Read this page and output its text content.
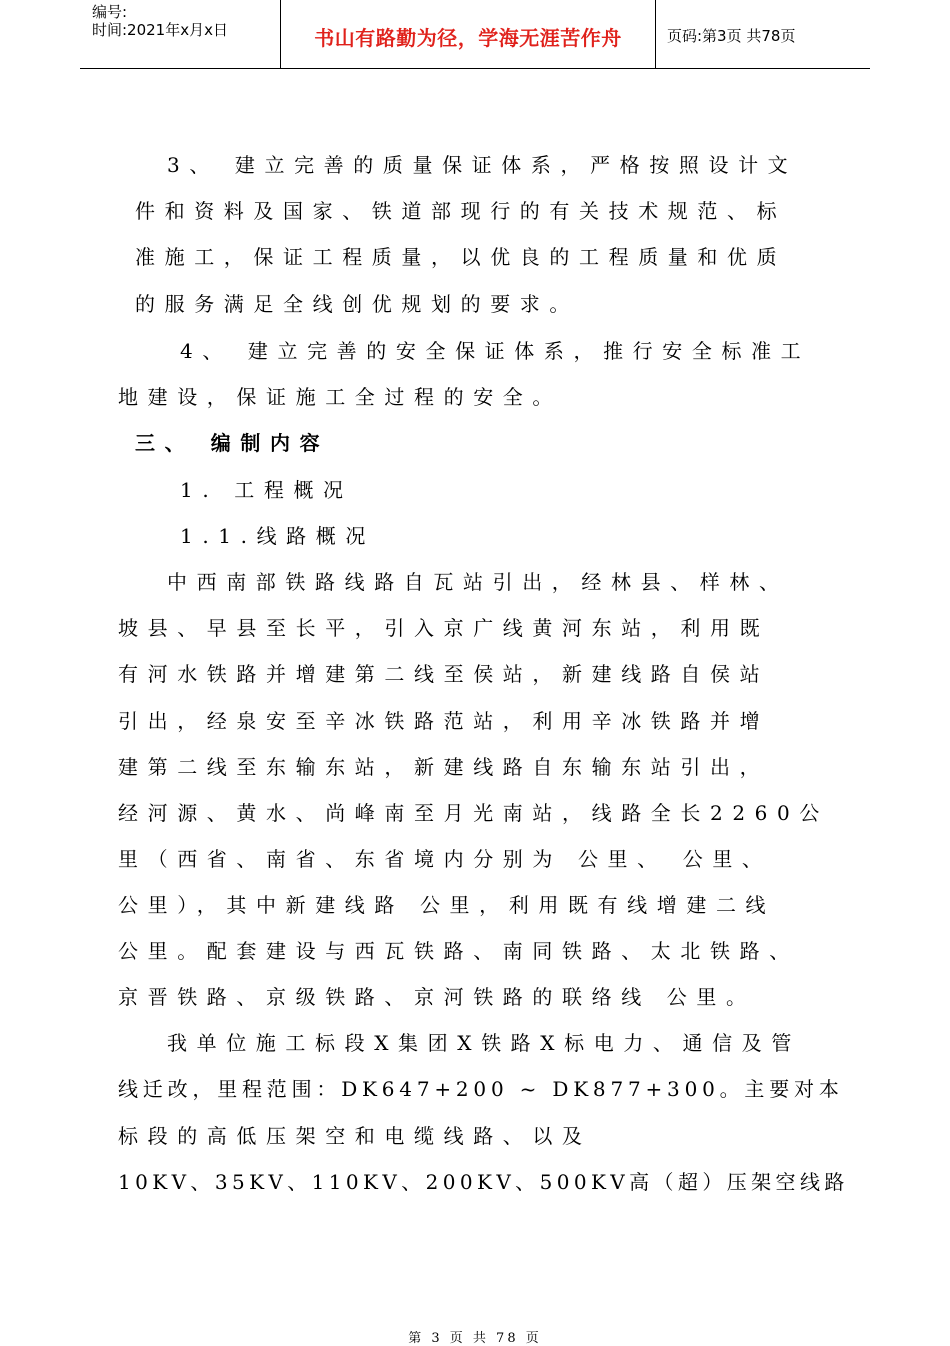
编号:
时间:2021年x月x日	书山有路勤为径，学海无涯苦作舟	页码:第3页 共78页
3、 建立完善的质量保证体系，严格按照设计文
件和资料及国家、铁道部现行的有关技术规范、标
准施工，保证工程质量，以优良的工程质量和优质
的服务满足全线创优规划的要求。
4、 建立完善的安全保证体系，推行安全标准工
地建设，保证施工全过程的安全。
三、 编制内容
1. 工程概况
1.1.线路概况
中西南部铁路线路自瓦站引出，经林县、样林、
坡县、早县至长平，引入京广线黄河东站，利用既
有河水铁路并增建第二线至侯站，新建线路自侯站
引出，经泉安至辛冰铁路范站，利用辛冰铁路并增
建第二线至东输东站，新建线路自东输东站引出，
经河源、黄水、尚峰南至月光南站，线路全长2260公
里（西省、南省、东省境内分别为 公里、 公里、
公里），其中新建线路 公里，利用既有线增建二线
公里。配套建设与西瓦铁路、南同铁路、太北铁路、
京晋铁路、京级铁路、京河铁路的联络线 公里。
我单位施工标段X集团X铁路X标电力、通信及管
线迁改，里程范围：DK647+200 ~ DK877+300。主要对本
标段的高低压架空和电缆线路、以及
10KV、35KV、110KV、200KV、500KV高（超）压架空线路
第 3 页 共 78 页
